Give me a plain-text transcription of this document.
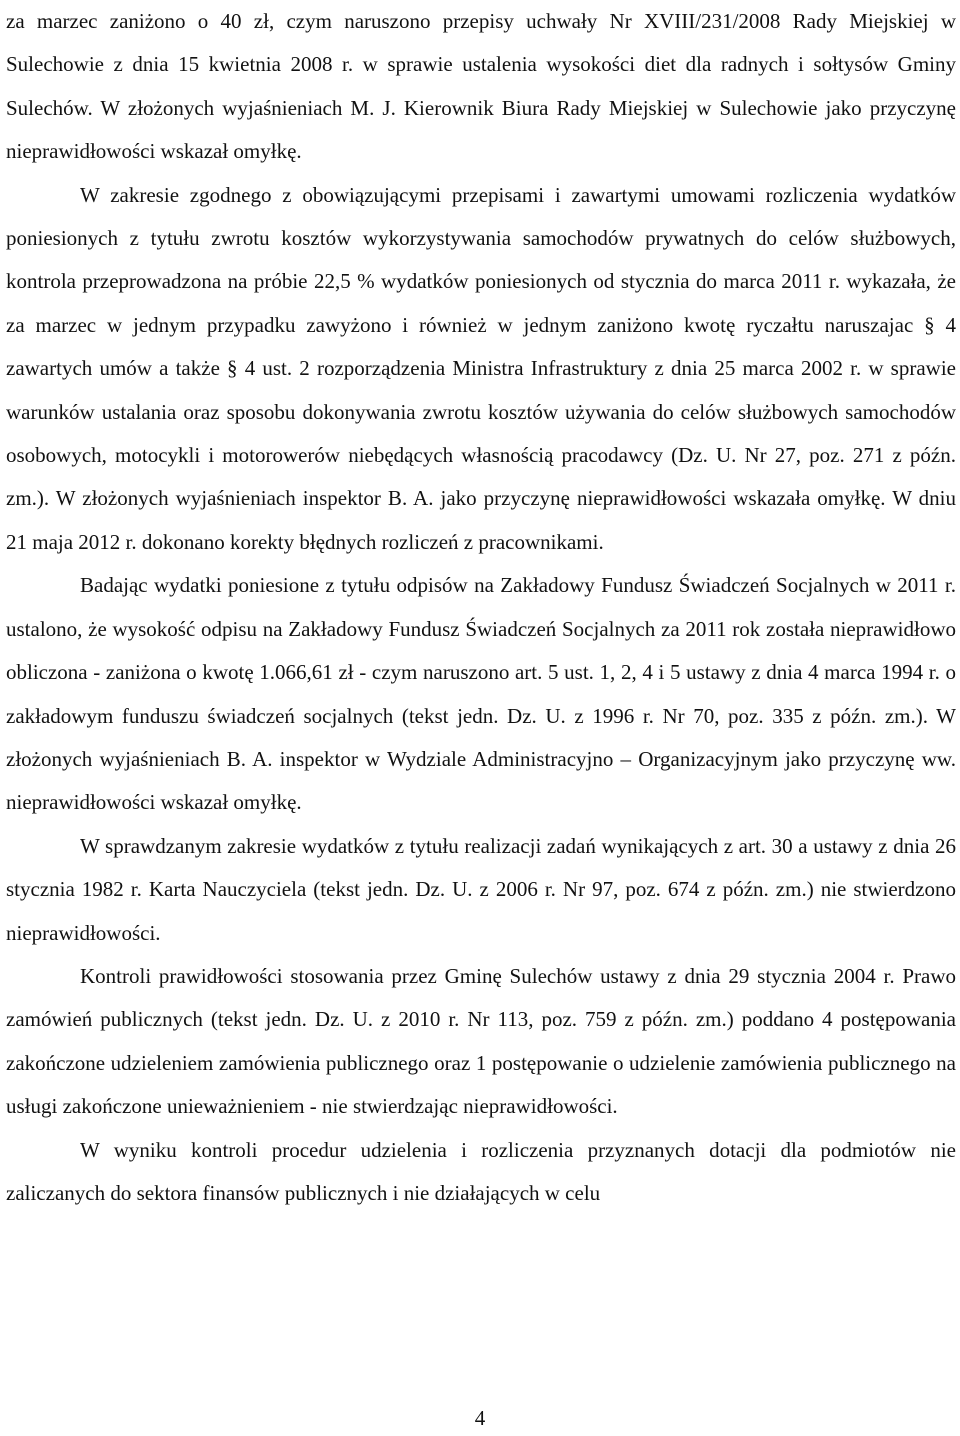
za marzec zaniżono o 40 zł, czym naruszono przepisy uchwały Nr XVIII/231/2008 Rady Miejskiej w Sulechowie z dnia 15 kwietnia 2008 r. w sprawie ustalenia wysokości diet dla radnych i sołtysów Gminy Sulechów. W złożonych wyjaśnieniach M. J. Kierownik Biura Rady Miejskiej w Sulechowie jako przyczynę nieprawidłowości wskazał omyłkę.

W zakresie zgodnego z obowiązującymi przepisami i zawartymi umowami rozliczenia wydatków poniesionych z tytułu zwrotu kosztów wykorzystywania samochodów prywatnych do celów służbowych, kontrola przeprowadzona na próbie 22,5 % wydatków poniesionych od stycznia do marca 2011 r. wykazała, że za marzec w jednym przypadku zawyżono i również w jednym zaniżono kwotę ryczałtu naruszajac § 4 zawartych umów a także § 4 ust. 2 rozporządzenia Ministra Infrastruktury z dnia 25 marca 2002 r. w sprawie warunków ustalania oraz sposobu dokonywania zwrotu kosztów używania do celów służbowych samochodów osobowych, motocykli i motorowerów niebędących własnością pracodawcy (Dz. U. Nr 27, poz. 271 z późn. zm.). W złożonych wyjaśnieniach inspektor B. A. jako przyczynę nieprawidłowości wskazała omyłkę. W dniu 21 maja 2012 r. dokonano korekty błędnych rozliczeń z pracownikami.

Badając wydatki poniesione z tytułu odpisów na Zakładowy Fundusz Świadczeń Socjalnych w 2011 r. ustalono, że wysokość odpisu na Zakładowy Fundusz Świadczeń Socjalnych za 2011 rok została nieprawidłowo obliczona - zaniżona o kwotę 1.066,61 zł - czym naruszono art. 5 ust. 1, 2, 4 i 5 ustawy z dnia 4 marca 1994 r. o zakładowym funduszu świadczeń socjalnych (tekst jedn. Dz. U. z 1996 r. Nr 70, poz. 335 z późn. zm.). W złożonych wyjaśnieniach B. A. inspektor w Wydziale Administracyjno – Organizacyjnym jako przyczynę ww. nieprawidłowości wskazał omyłkę.

W sprawdzanym zakresie wydatków z tytułu realizacji zadań wynikających z art. 30 a ustawy z dnia 26 stycznia 1982 r. Karta Nauczyciela (tekst jedn. Dz. U. z 2006 r. Nr 97, poz. 674 z późn. zm.) nie stwierdzono nieprawidłowości.

Kontroli prawidłowości stosowania przez Gminę Sulechów ustawy z dnia 29 stycznia 2004 r. Prawo zamówień publicznych (tekst jedn. Dz. U. z 2010 r. Nr 113, poz. 759 z późn. zm.) poddano 4 postępowania zakończone udzieleniem zamówienia publicznego oraz 1 postępowanie o udzielenie zamówienia publicznego na usługi zakończone unieważnieniem - nie stwierdzając nieprawidłowości.

W wyniku kontroli procedur udzielenia i rozliczenia przyznanych dotacji dla podmiotów nie zaliczanych do sektora finansów publicznych i nie działających w celu

4
